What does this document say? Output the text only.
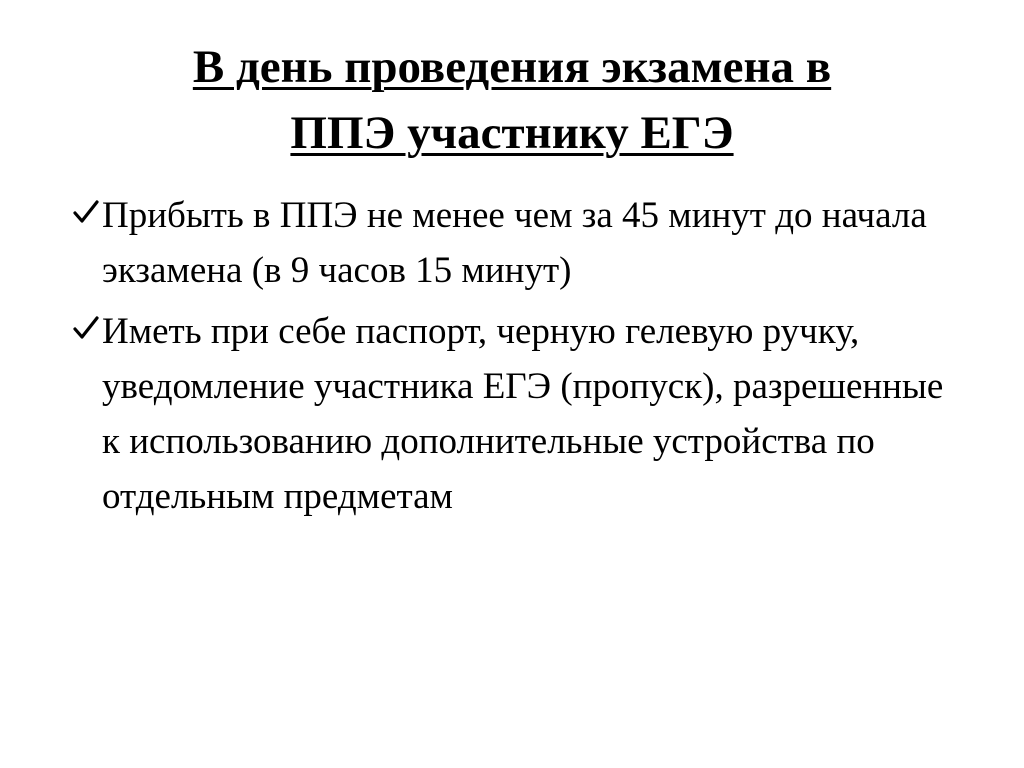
В день проведения экзамена в
ППЭ участнику ЕГЭ
Прибыть в ППЭ не менее чем за 45 минут до начала экзамена (в 9 часов 15 минут)
Иметь при себе паспорт, черную гелевую ручку, уведомление участника ЕГЭ (пропуск), разрешенные к использованию дополнительные устройства по отдельным предметам
